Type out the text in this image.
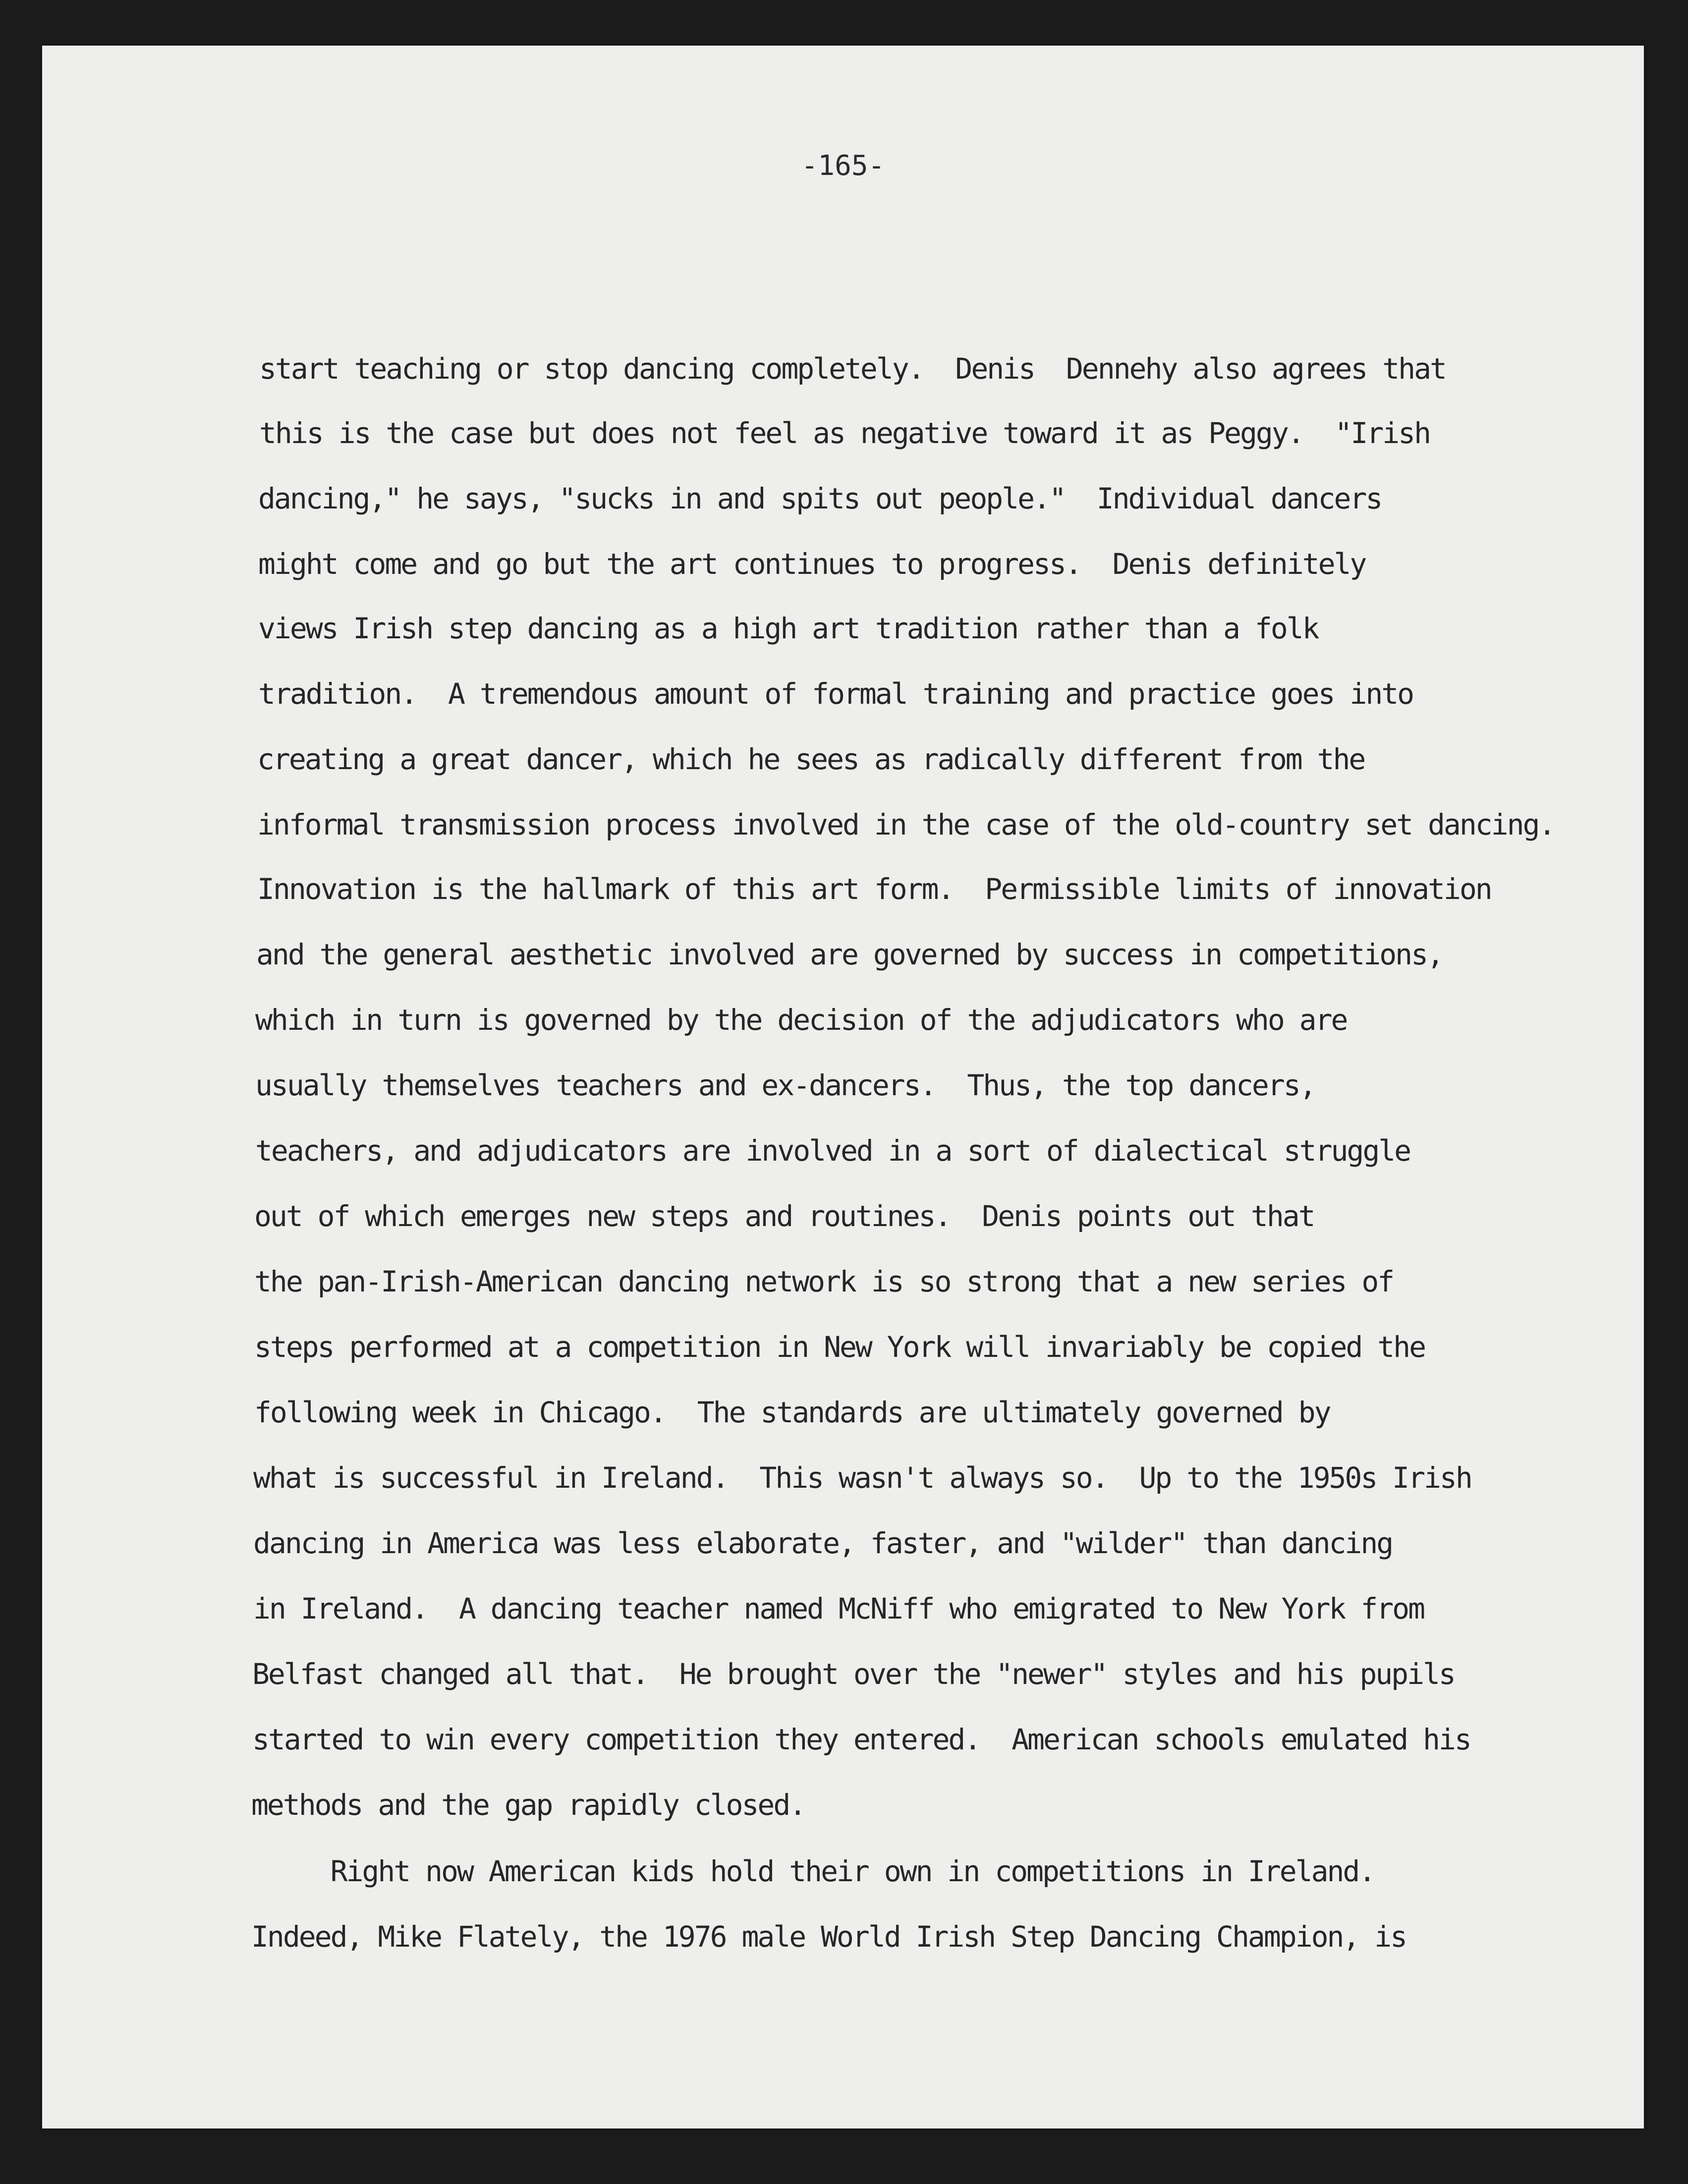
-165-

start teaching or stop dancing completely.  Denis  Dennehy also agrees that

this is the case but does not feel as negative toward it as Peggy.  "Irish

dancing," he says, "sucks in and spits out people."  Individual dancers

might come and go but the art continues to progress.  Denis definitely

views Irish step dancing as a high art tradition rather than a folk

tradition.  A tremendous amount of formal training and practice goes into

creating a great dancer, which he sees as radically different from the

informal transmission process involved in the case of the old-country set dancing.

Innovation is the hallmark of this art form.  Permissible limits of innovation

and the general aesthetic involved are governed by success in competitions,

which in turn is governed by the decision of the adjudicators who are

usually themselves teachers and ex-dancers.  Thus, the top dancers,

teachers, and adjudicators are involved in a sort of dialectical struggle

out of which emerges new steps and routines.  Denis points out that

the pan-Irish-American dancing network is so strong that a new series of

steps performed at a competition in New York will invariably be copied the

following week in Chicago.  The standards are ultimately governed by

what is successful in Ireland.  This wasn't always so.  Up to the 1950s Irish

dancing in America was less elaborate, faster, and "wilder" than dancing

in Ireland.  A dancing teacher named McNiff who emigrated to New York from

Belfast changed all that.  He brought over the "newer" styles and his pupils

started to win every competition they entered.  American schools emulated his

methods and the gap rapidly closed.

Right now American kids hold their own in competitions in Ireland.

Indeed, Mike Flately, the 1976 male World Irish Step Dancing Champion, is
